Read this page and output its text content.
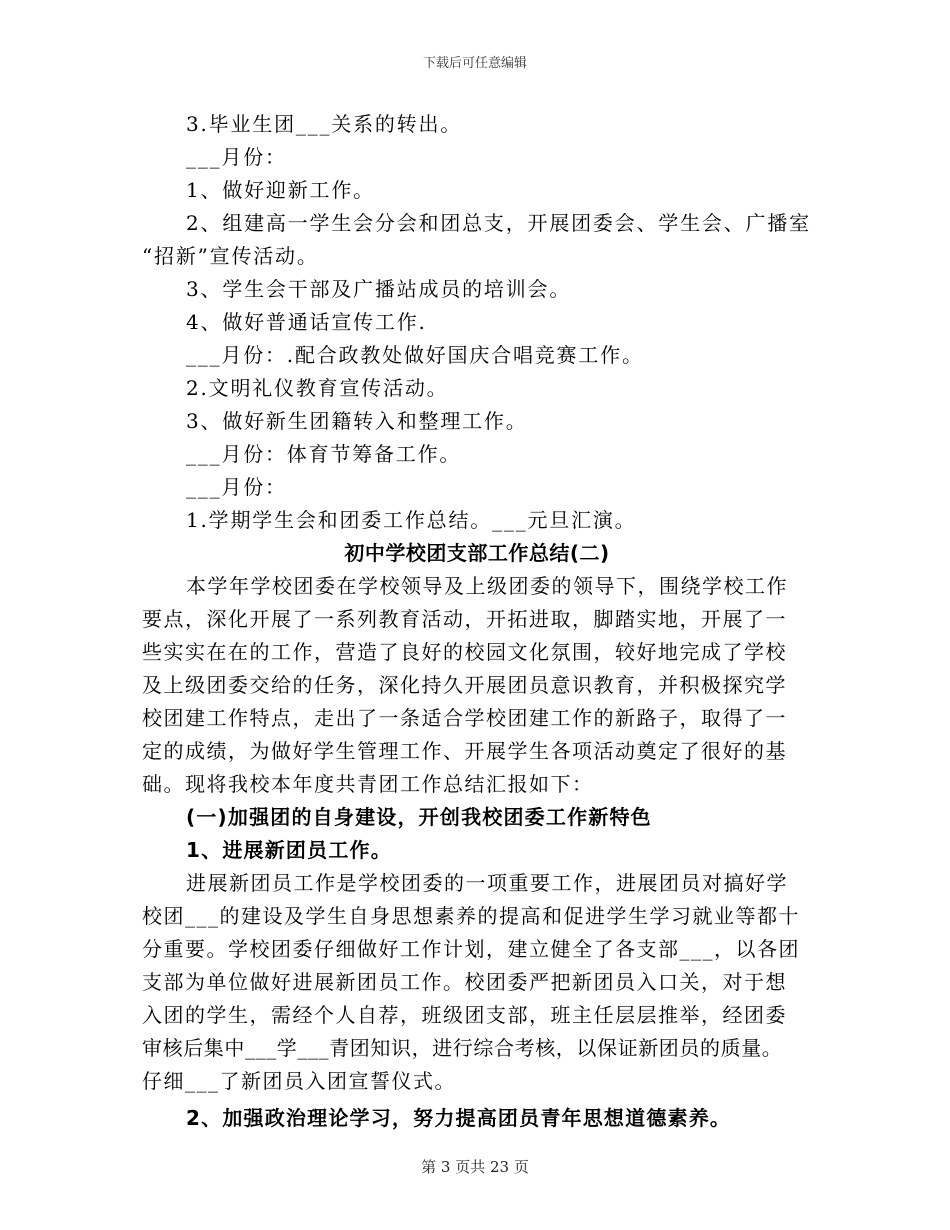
下载后可任意编辑
3.毕业生团___关系的转出。
___月份：
1、做好迎新工作。
2、组建高一学生会分会和团总支，开展团委会、学生会、广播室
“招新”宣传活动。
3、学生会干部及广播站成员的培训会。
4、做好普通话宣传工作.
___月份：.配合政教处做好国庆合唱竞赛工作。
2.文明礼仪教育宣传活动。
3、做好新生团籍转入和整理工作。
___月份：体育节筹备工作。
___月份：
1.学期学生会和团委工作总结。___元旦汇演。
初中学校团支部工作总结(二)
本学年学校团委在学校领导及上级团委的领导下，围绕学校工作
要点，深化开展了一系列教育活动，开拓进取，脚踏实地，开展了一
些实实在在的工作，营造了良好的校园文化氛围，较好地完成了学校
及上级团委交给的任务，深化持久开展团员意识教育，并积极探究学
校团建工作特点，走出了一条适合学校团建工作的新路子，取得了一
定的成绩，为做好学生管理工作、开展学生各项活动奠定了很好的基
础。现将我校本年度共青团工作总结汇报如下：
(一)加强团的自身建设，开创我校团委工作新特色
1、进展新团员工作。
进展新团员工作是学校团委的一项重要工作，进展团员对搞好学
校团___的建设及学生自身思想素养的提高和促进学生学习就业等都十
分重要。学校团委仔细做好工作计划，建立健全了各支部___，以各团
支部为单位做好进展新团员工作。校团委严把新团员入口关，对于想
入团的学生，需经个人自荐，班级团支部，班主任层层推举，经团委
审核后集中___学___青团知识，进行综合考核，以保证新团员的质量。
仔细___了新团员入团宣誓仪式。
2、加强政治理论学习，努力提高团员青年思想道德素养。
第 3 页共 23 页
